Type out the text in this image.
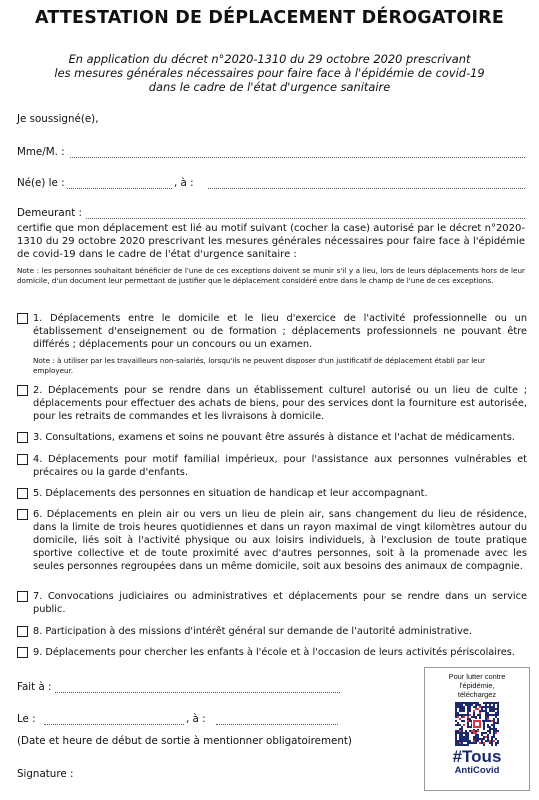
ATTESTATION DE DÉPLACEMENT DÉROGATOIRE
En application du décret n°2020-1310 du 29 octobre 2020 prescrivant
les mesures générales nécessaires pour faire face à l'épidémie de covid-19
dans le cadre de l'état d'urgence sanitaire
Je soussigné(e),
Mme/M. :
Né(e) le :	, à :
Demeurant :
certifie que mon déplacement est lié au motif suivant (cocher la case) autorisé par le décret n°2020-1310 du 29 octobre 2020 prescrivant les mesures générales nécessaires pour faire face à l'épidémie de covid-19 dans le cadre de l'état d'urgence sanitaire :
Note : les personnes souhaitant bénéficier de l'une de ces exceptions doivent se munir s'il y a lieu, lors de leurs déplacements hors de leur domicile, d'un document leur permettant de justifier que le déplacement considéré entre dans le champ de l'une de ces exceptions.
1. Déplacements entre le domicile et le lieu d'exercice de l'activité professionnelle ou un établissement d'enseignement ou de formation ; déplacements professionnels ne pouvant être différés ; déplacements pour un concours ou un examen.
Note : à utiliser par les travailleurs non-salariés, lorsqu'ils ne peuvent disposer d'un justificatif de déplacement établi par leur employeur.
2. Déplacements pour se rendre dans un établissement culturel autorisé ou un lieu de culte ; déplacements pour effectuer des achats de biens, pour des services dont la fourniture est autorisée, pour les retraits de commandes et les livraisons à domicile.
3. Consultations, examens et soins ne pouvant être assurés à distance et l'achat de médicaments.
4. Déplacements pour motif familial impérieux, pour l'assistance aux personnes vulnérables et précaires ou la garde d'enfants.
5. Déplacements des personnes en situation de handicap et leur accompagnant.
6. Déplacements en plein air ou vers un lieu de plein air, sans changement du lieu de résidence, dans la limite de trois heures quotidiennes et dans un rayon maximal de vingt kilomètres autour du domicile, liés soit à l'activité physique ou aux loisirs individuels, à l'exclusion de toute pratique sportive collective et de toute proximité avec d'autres personnes, soit à la promenade avec les seules personnes regroupées dans un même domicile, soit aux besoins des animaux de compagnie.
7. Convocations judiciaires ou administratives et déplacements pour se rendre dans un service public.
8. Participation à des missions d'intérêt général sur demande de l'autorité administrative.
9. Déplacements pour chercher les enfants à l'école et à l'occasion de leurs activités périscolaires.
Fait à :
Le :	, à :
(Date et heure de début de sortie à mentionner obligatoirement)
Signature :
Pour lutter contre
l'épidémie,
téléchargez
#Tous
AntiCovid
